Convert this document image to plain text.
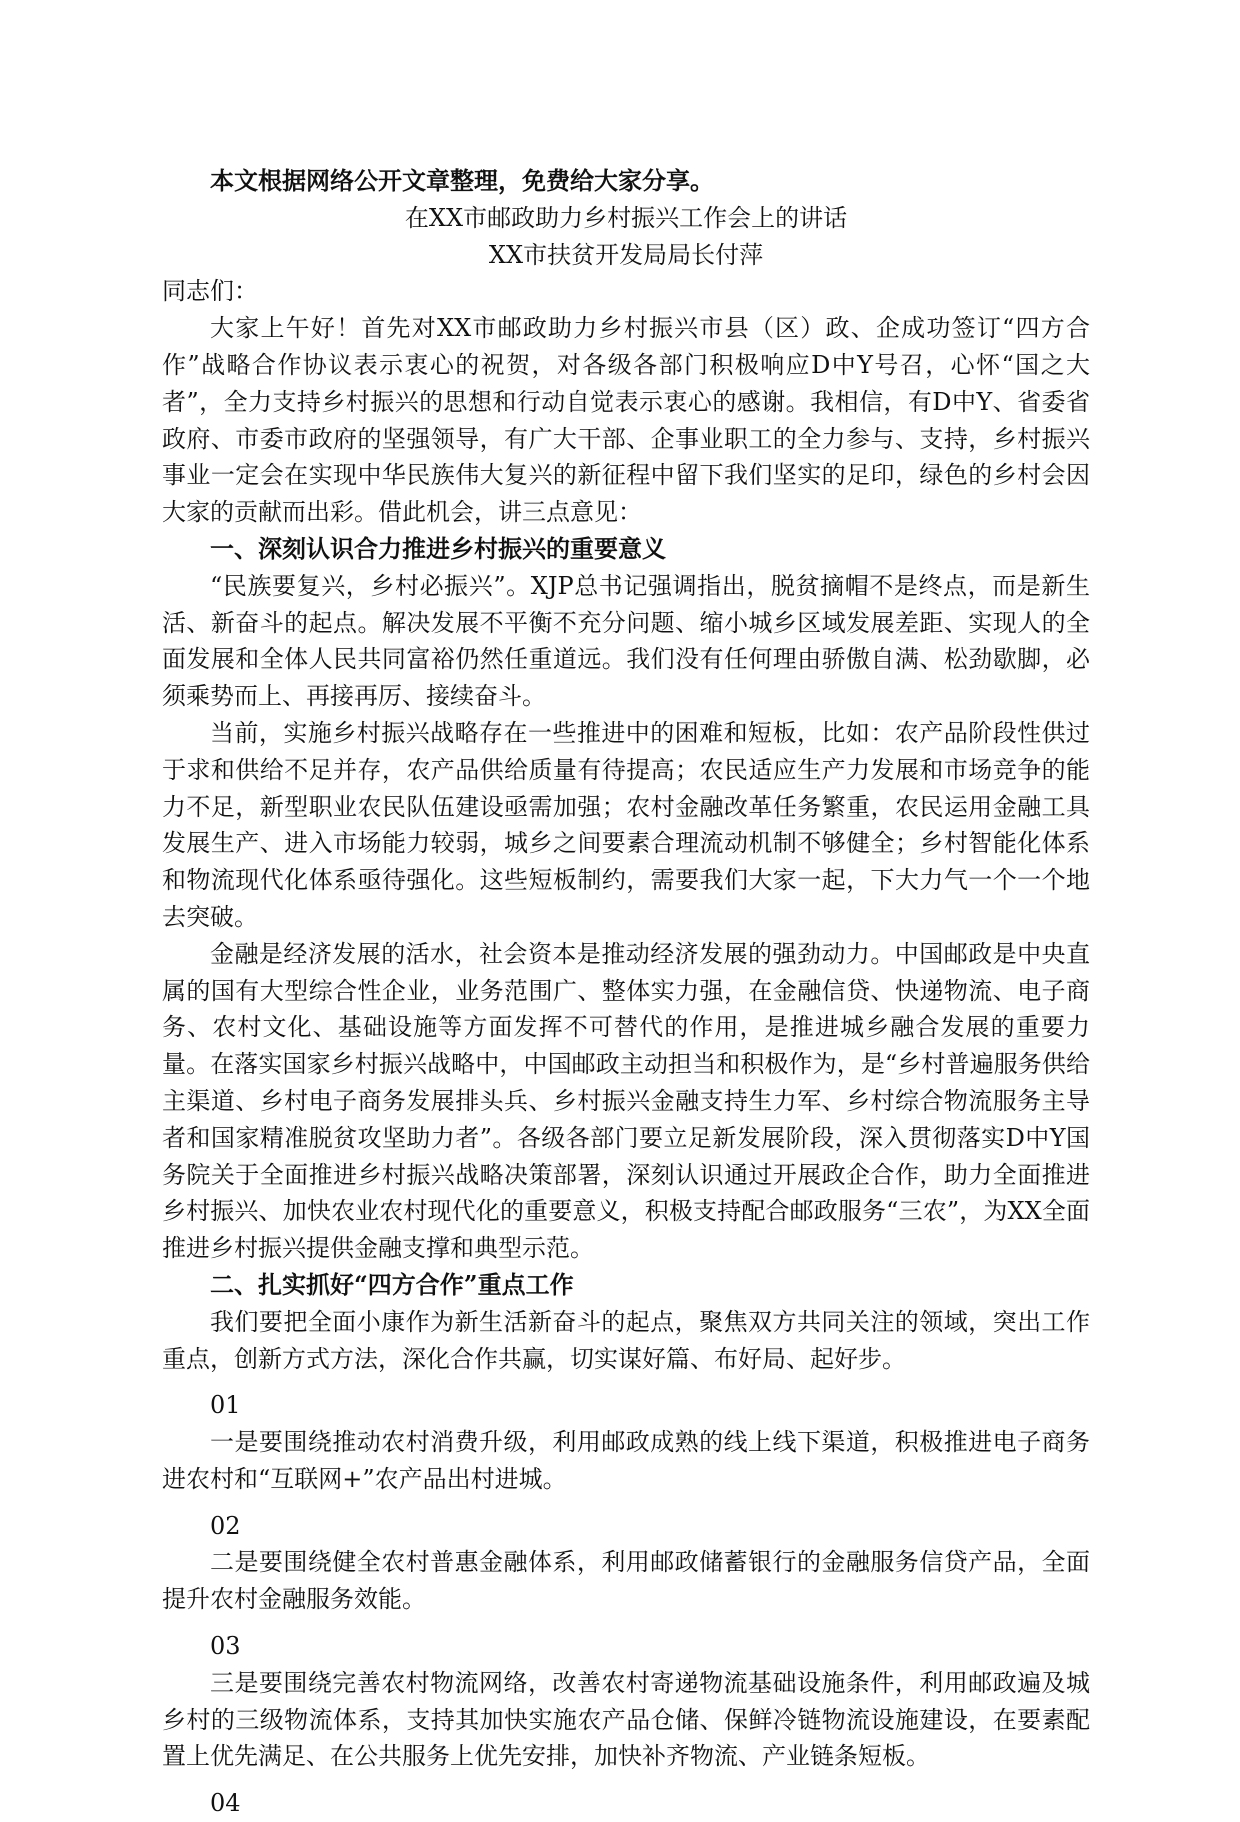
本文根据网络公开文章整理，免费给大家分享。

在XX市邮政助力乡村振兴工作会上的讲话

XX市扶贫开发局局长付萍

同志们：

大家上午好！首先对XX市邮政助力乡村振兴市县（区）政、企成功签订“四方合作”战略合作协议表示衷心的祝贺，对各级各部门积极响应D中Y号召，心怀“国之大者”，全力支持乡村振兴的思想和行动自觉表示衷心的感谢。我相信，有D中Y、省委省政府、市委市政府的坚强领导，有广大干部、企事业职工的全力参与、支持，乡村振兴事业一定会在实现中华民族伟大复兴的新征程中留下我们坚实的足印，绿色的乡村会因大家的贡献而出彩。借此机会，讲三点意见：

一、深刻认识合力推进乡村振兴的重要意义

“民族要复兴，乡村必振兴”。XJP总书记强调指出，脱贫摘帽不是终点，而是新生活、新奋斗的起点。解决发展不平衡不充分问题、缩小城乡区域发展差距、实现人的全面发展和全体人民共同富裕仍然任重道远。我们没有任何理由骄傲自满、松劲歇脚，必须乘势而上、再接再厉、接续奋斗。

当前，实施乡村振兴战略存在一些推进中的困难和短板，比如：农产品阶段性供过于求和供给不足并存，农产品供给质量有待提高；农民适应生产力发展和市场竞争的能力不足，新型职业农民队伍建设亟需加强；农村金融改革任务繁重，农民运用金融工具发展生产、进入市场能力较弱，城乡之间要素合理流动机制不够健全；乡村智能化体系和物流现代化体系亟待强化。这些短板制约，需要我们大家一起，下大力气一个一个地去突破。

金融是经济发展的活水，社会资本是推动经济发展的强劲动力。中国邮政是中央直属的国有大型综合性企业，业务范围广、整体实力强，在金融信贷、快递物流、电子商务、农村文化、基础设施等方面发挥不可替代的作用，是推进城乡融合发展的重要力量。在落实国家乡村振兴战略中，中国邮政主动担当和积极作为，是“乡村普遍服务供给主渠道、乡村电子商务发展排头兵、乡村振兴金融支持生力军、乡村综合物流服务主导者和国家精准脱贫攻坚助力者”。各级各部门要立足新发展阶段，深入贯彻落实D中Y国务院关于全面推进乡村振兴战略决策部署，深刻认识通过开展政企合作，助力全面推进乡村振兴、加快农业农村现代化的重要意义，积极支持配合邮政服务“三农”，为XX全面推进乡村振兴提供金融支撑和典型示范。

二、扎实抓好“四方合作”重点工作

我们要把全面小康作为新生活新奋斗的起点，聚焦双方共同关注的领域，突出工作重点，创新方式方法，深化合作共赢，切实谋好篇、布好局、起好步。

01

一是要围绕推动农村消费升级，利用邮政成熟的线上线下渠道，积极推进电子商务进农村和“互联网+”农产品出村进城。

02

二是要围绕健全农村普惠金融体系，利用邮政储蓄银行的金融服务信贷产品，全面提升农村金融服务效能。

03

三是要围绕完善农村物流网络，改善农村寄递物流基础设施条件，利用邮政遍及城乡村的三级物流体系，支持其加快实施农产品仓储、保鲜冷链物流设施建设，在要素配置上优先满足、在公共服务上优先安排，加快补齐物流、产业链条短板。

04
